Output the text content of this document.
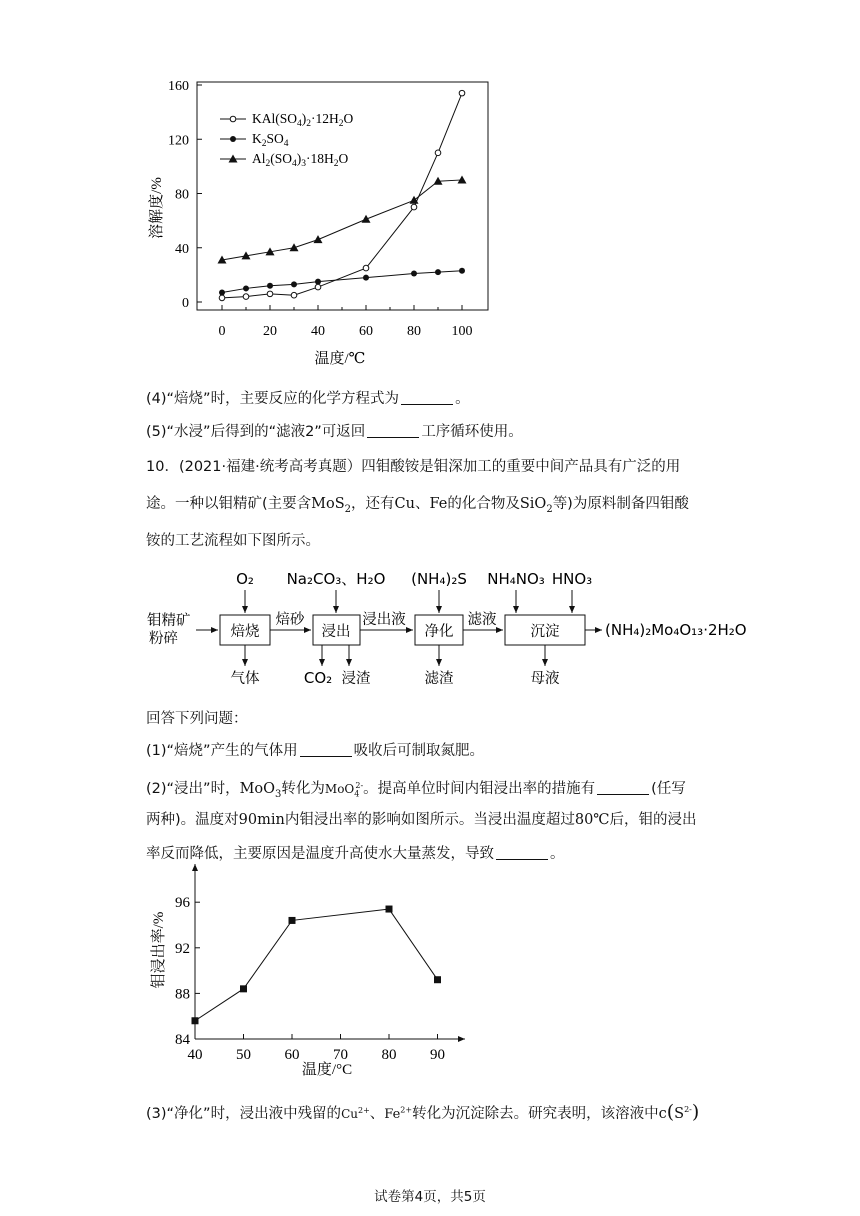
0	20 40 60 80 100
0
40
80
120
160
溶解度/%
温度/℃
$KAl(SO_4)_2\cdot 12H_2O$
$K_2SO_4$
$Al_2(SO_4)_3\cdot 18H_2O$
(4)“焙烧”时，主要反应的化学方程式为	。
(5)“水浸”后得到的“滤液2”可返回	工序循环使用。
10．(2021·福建·统考高考真题）四钼酸铵是钼深加工的重要中间产品具有广泛的用
途。一种以钼精矿(主要含MoS$_2$，还有Cu、Fe的化合物及SiO$_2$等)为原料制备四钼酸
铵的工艺流程如下图所示。
钼精矿
粉碎	焙烧
O₂
气体
焙砂
浸出
Na₂CO₃、H₂O
CO₂ 浸渣
浸出液
净化
(NH₄)₂S
滤渣
滤液
沉淀
NH₄NO₃ HNO₃
母液
(NH₄)₂Mo₄O₁₃·2H₂O
回答下列问题：
(1)“焙烧”产生的气体用	吸收后可制取氮肥。
(2)“浸出”时，MoO$_3$转化为MoO$_4^{2-}$。提高单位时间内钼浸出率的措施有	(任写
两种)。温度对90min内钼浸出率的影响如图所示。当浸出温度超过80℃后，钼的浸出
率反而降低，主要原因是温度升高使水大量蒸发，导致	。
40 50 60 70 80 90
84
88
92
96
钼浸出率/%
温度/°C
(3)“净化”时，浸出液中残留的$Cu^{2+}$、$Fe^{2+}$转化为沉淀除去。研究表明，该溶液中$c(S^{2-})$
试卷第4页，共5页
